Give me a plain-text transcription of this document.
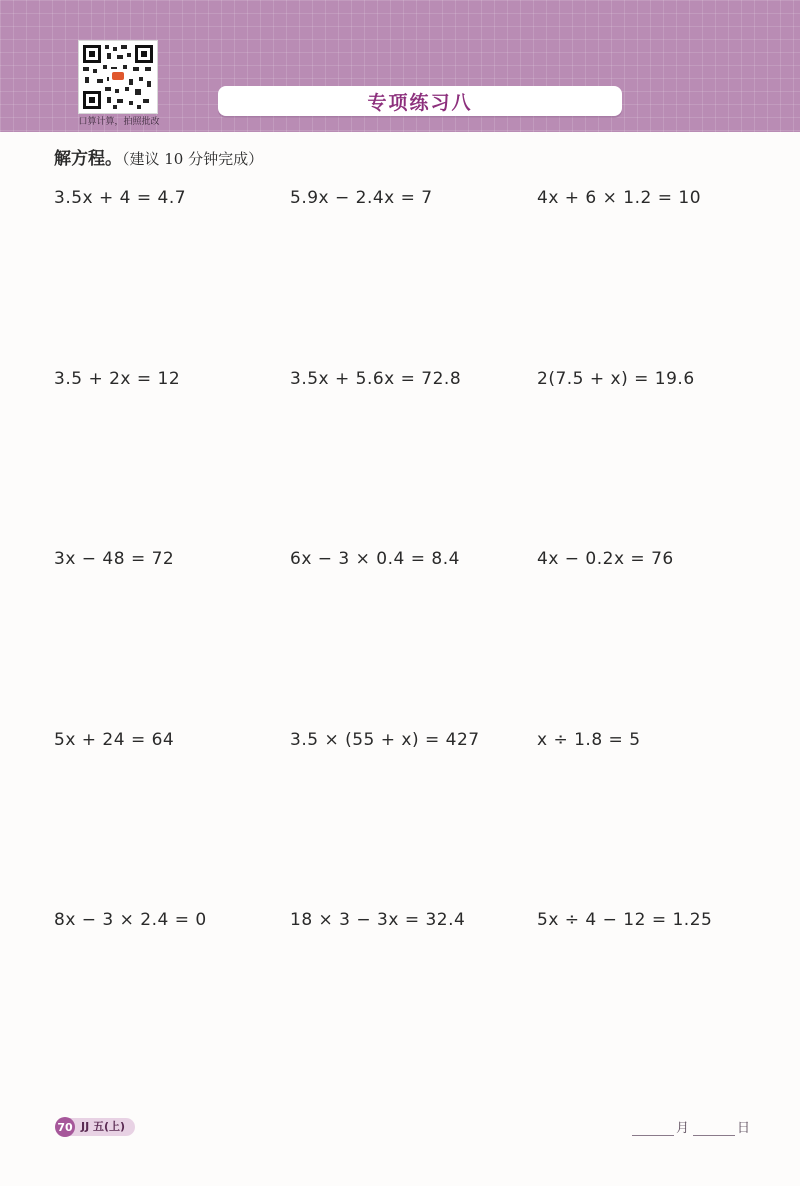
口算计算，拍照批改
专项练习八
解方程。（建议 10 分钟完成）
3.5x + 4 = 4.7	5.9x − 2.4x = 7	4x + 6 × 1.2 = 10
3.5 + 2x = 12	3.5x + 5.6x = 72.8	2(7.5 + x) = 19.6
3x − 48 = 72	6x − 3 × 0.4 = 8.4	4x − 0.2x = 76
5x + 24 = 64	3.5 × (55 + x) = 427	x ÷ 1.8 = 5
8x − 3 × 2.4 = 0	18 × 3 − 3x = 32.4	5x ÷ 4 − 12 = 1.25
70 JJ 五(上)	月	日
